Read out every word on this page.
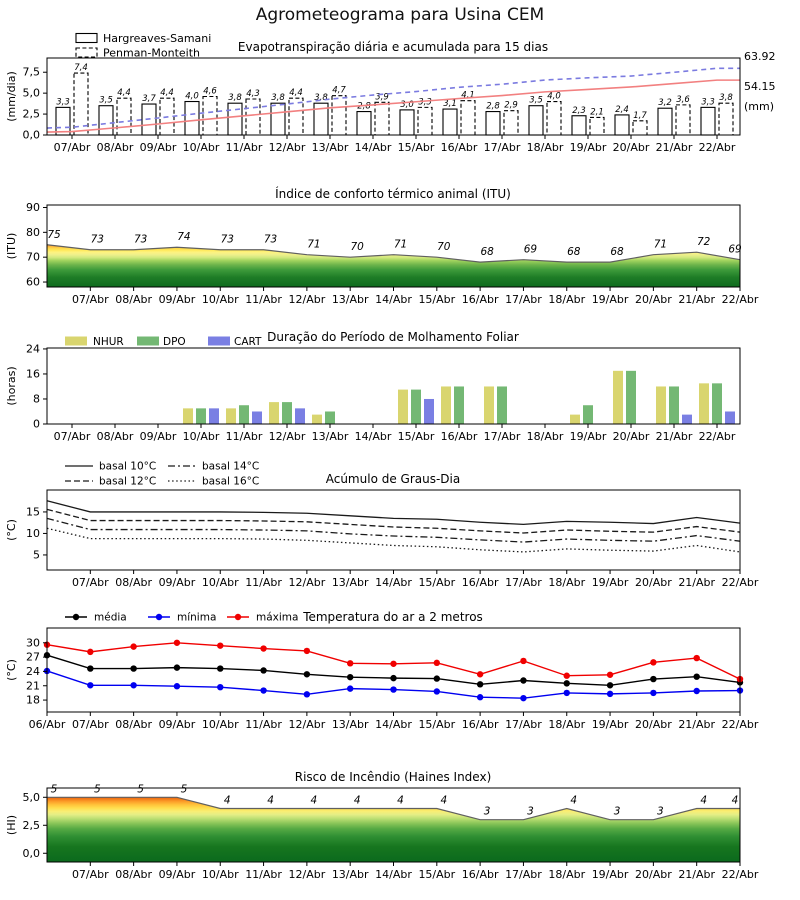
Agrometeograma para Usina CEM
3,3
7,4
3,5
4,4
3,7
4,4 4,0
4,6
3,8 4,3 3,8
4,4
3,8
4,7
2,8
3,9
3,0 3,3 3,1
4,1
2,8 2,9
3,5 4,0
2,3 2,1 2,4
1,7
3,2 3,6 3,3 3,8
63.92
54.15
(mm)
Hargreaves-Samani
Penman-Monteith
0,0
2,5
5,0
7,5
07/Abr 08/Abr 09/Abr 10/Abr 11/Abr 12/Abr 13/Abr 14/Abr 15/Abr 16/Abr 17/Abr 18/Abr 19/Abr 20/Abr 21/Abr 22/Abr
(mm/dia)
Evapotranspiração diária e acumulada para 15 dias
75	73	73	74	73	73	71	70	71	70	68	69	68	68
71	72
69
60
70
80
90
07/Abr 08/Abr 09/Abr 10/Abr 11/Abr 12/Abr 13/Abr 14/Abr 15/Abr 16/Abr 17/Abr 18/Abr 19/Abr 20/Abr 21/Abr 22/Abr
(ITU)
Índice de conforto térmico animal (ITU)
5	5	5	5
4	4	4	4	4	4
3	3
4
3	3
4 4
0,0
2,5
5,0
07/Abr 08/Abr 09/Abr 10/Abr 11/Abr 12/Abr 13/Abr 14/Abr 15/Abr 16/Abr 17/Abr 18/Abr 19/Abr 20/Abr 21/Abr 22/Abr
(HI)
Risco de Incêndio (Haines Index)
NHUR	DPO	CART
0
8
16
24
07/Abr 08/Abr 09/Abr 10/Abr 11/Abr 12/Abr 13/Abr 14/Abr 15/Abr 16/Abr 17/Abr 18/Abr 19/Abr 20/Abr 21/Abr 22/Abr
(horas)
Duração do Período de Molhamento Foliar
basal 10°C
basal 12°C
basal 14°C
basal 16°C
5
10
15
07/Abr 08/Abr 09/Abr 10/Abr 11/Abr 12/Abr 13/Abr 14/Abr 15/Abr 16/Abr 17/Abr 18/Abr 19/Abr 20/Abr 21/Abr 22/Abr
(°C)
Acúmulo de Graus-Dia
média	mínima	máxima
18
21
24
27
30
06/Abr 07/Abr 08/Abr 09/Abr 10/Abr 11/Abr 12/Abr 13/Abr 14/Abr 15/Abr 16/Abr 17/Abr 18/Abr 19/Abr 20/Abr 21/Abr 22/Abr
(°C)
Temperatura do ar a 2 metros
